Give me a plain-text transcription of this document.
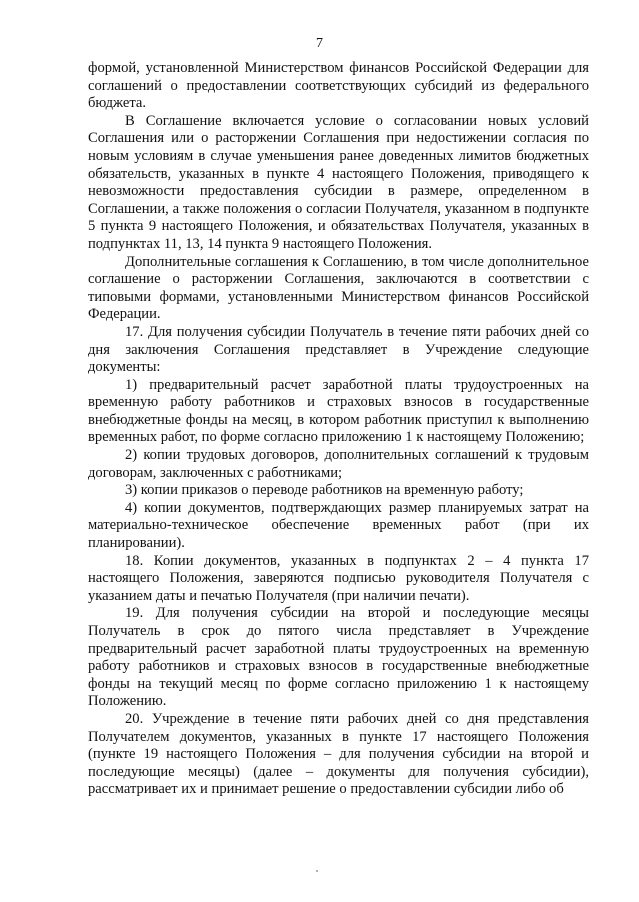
7

формой, установленной Министерством финансов Российской Федерации для соглашений о предоставлении соответствующих субсидий из федерального бюджета.

В Соглашение включается условие о согласовании новых условий Соглашения или о расторжении Соглашения при недостижении согласия по новым условиям в случае уменьшения ранее доведенных лимитов бюджетных обязательств, указанных в пункте 4 настоящего Положения, приводящего к невозможности предоставления субсидии в размере, определенном в Соглашении, а также положения о согласии Получателя, указанном в подпункте 5 пункта 9 настоящего Положения, и обязательствах Получателя, указанных в подпунктах 11, 13, 14 пункта 9 настоящего Положения.

Дополнительные соглашения к Соглашению, в том числе дополнительное соглашение о расторжении Соглашения, заключаются в соответствии с типовыми формами, установленными Министерством финансов Российской Федерации.

17. Для получения субсидии Получатель в течение пяти рабочих дней со дня заключения Соглашения представляет в Учреждение следующие документы:

1) предварительный расчет заработной платы трудоустроенных на временную работу работников и страховых взносов в государственные внебюджетные фонды на месяц, в котором работник приступил к выполнению временных работ, по форме согласно приложению 1 к настоящему Положению;

2) копии трудовых договоров, дополнительных соглашений к трудовым договорам, заключенных с работниками;

3) копии приказов о переводе работников на временную работу;

4) копии документов, подтверждающих размер планируемых затрат на материально-техническое обеспечение временных работ (при их планировании).

18. Копии документов, указанных в подпунктах 2 – 4 пункта 17 настоящего Положения, заверяются подписью руководителя Получателя с указанием даты и печатью Получателя (при наличии печати).

19. Для получения субсидии на второй и последующие месяцы Получатель в срок до пятого числа представляет в Учреждение предварительный расчет заработной платы трудоустроенных на временную работу работников и страховых взносов в государственные внебюджетные фонды на текущий месяц по форме согласно приложению 1 к настоящему Положению.

20. Учреждение в течение пяти рабочих дней со дня представления Получателем документов, указанных в пункте 17 настоящего Положения (пункте 19 настоящего Положения – для получения субсидии на второй и последующие месяцы) (далее – документы для получения субсидии), рассматривает их и принимает решение о предоставлении субсидии либо об
